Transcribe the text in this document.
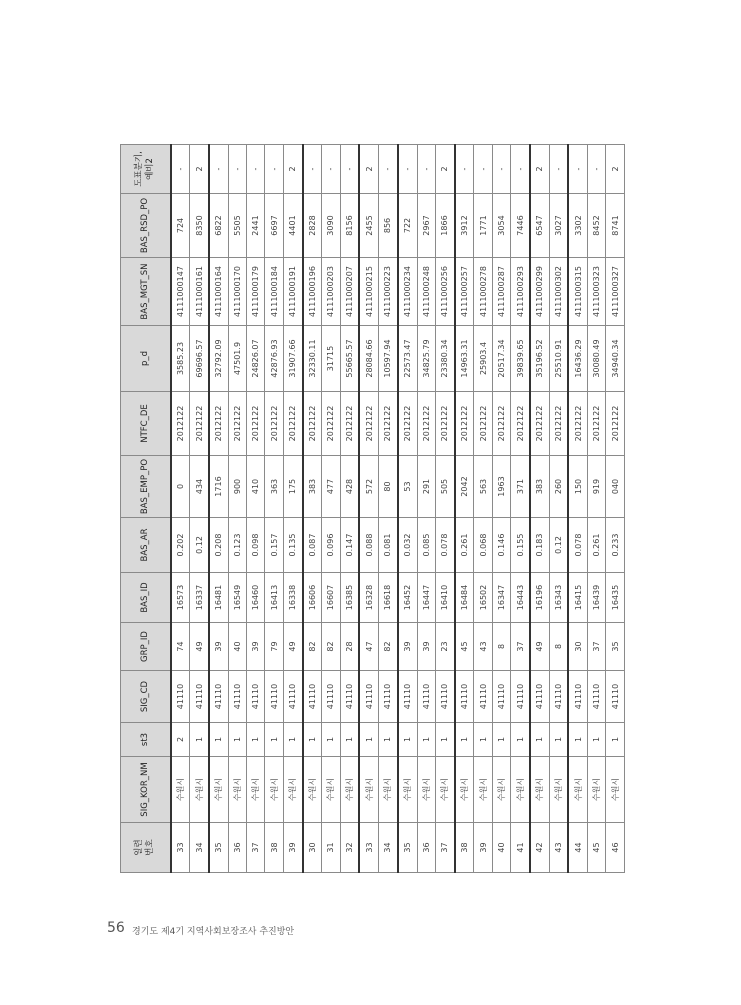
일련
번호	SIG_KOR_NM	st3	SIG_CD	GRP_ID	BAS_ID	BAS_AR	BAS_EMP_PO	NTFC_DE	p_d	BAS_MGT_SN	BAS_RSD_PO	도표분기,
예비2
33	수원시	2	41110	74	16573	0.202	0	2012122	3585.23	4111000147	724	-
34	수원시	1	41110	49	16337	0.12	434	2012122	69696.57	4111000161	8350	2
35	수원시	1	41110	39	16481	0.208	1716	2012122	32792.09	4111000164	6822	-
36	수원시	1	41110	40	16549	0.123	900	2012122	47501.9	4111000170	5505	-
37	수원시	1	41110	39	16460	0.098	410	2012122	24826.07	4111000179	2441	-
38	수원시	1	41110	79	16413	0.157	363	2012122	42876.93	4111000184	6697	-
39	수원시	1	41110	49	16338	0.135	175	2012122	31907.66	4111000191	4401	2
30	수원시	1	41110	82	16606	0.087	383	2012122	32330.11	4111000196	2828	-
31	수원시	1	41110	82	16607	0.096	477	2012122	31715	4111000203	3090	-
32	수원시	1	41110	28	16385	0.147	428	2012122	55665.57	4111000207	8156	-
33	수원시	1	41110	47	16328	0.088	572	2012122	28084.66	4111000215	2455	2
34	수원시	1	41110	82	16618	0.081	80	2012122	10597.94	4111000223	856	-
35	수원시	1	41110	39	16452	0.032	53	2012122	22573.47	4111000234	722	-
36	수원시	1	41110	39	16447	0.085	291	2012122	34825.79	4111000248	2967	-
37	수원시	1	41110	23	16410	0.078	505	2012122	23380.34	4111000256	1866	2
38	수원시	1	41110	45	16484	0.261	2042	2012122	14963.31	4111000257	3912	-
39	수원시	1	41110	43	16502	0.068	563	2012122	25903.4	4111000278	1771	-
40	수원시	1	41110	8	16347	0.146	1963	2012122	20517.34	4111000287	3054	-
41	수원시	1	41110	37	16443	0.155	371	2012122	39839.65	4111000293	7446	-
42	수원시	1	41110	49	16196	0.183	383	2012122	35196.52	4111000299	6547	2
43	수원시	1	41110	8	16343	0.12	260	2012122	25510.91	4111000302	3027	-
44	수원시	1	41110	30	16415	0.078	150	2012122	16436.29	4111000315	3302	-
45	수원시	1	41110	37	16439	0.261	919	2012122	30080.49	4111000323	8452	-
46	수원시	1	41110	35	16435	0.233	040	2012122	34940.34	4111000327	8741	2
56 경기도 제4기 지역사회보장조사 추진방안
